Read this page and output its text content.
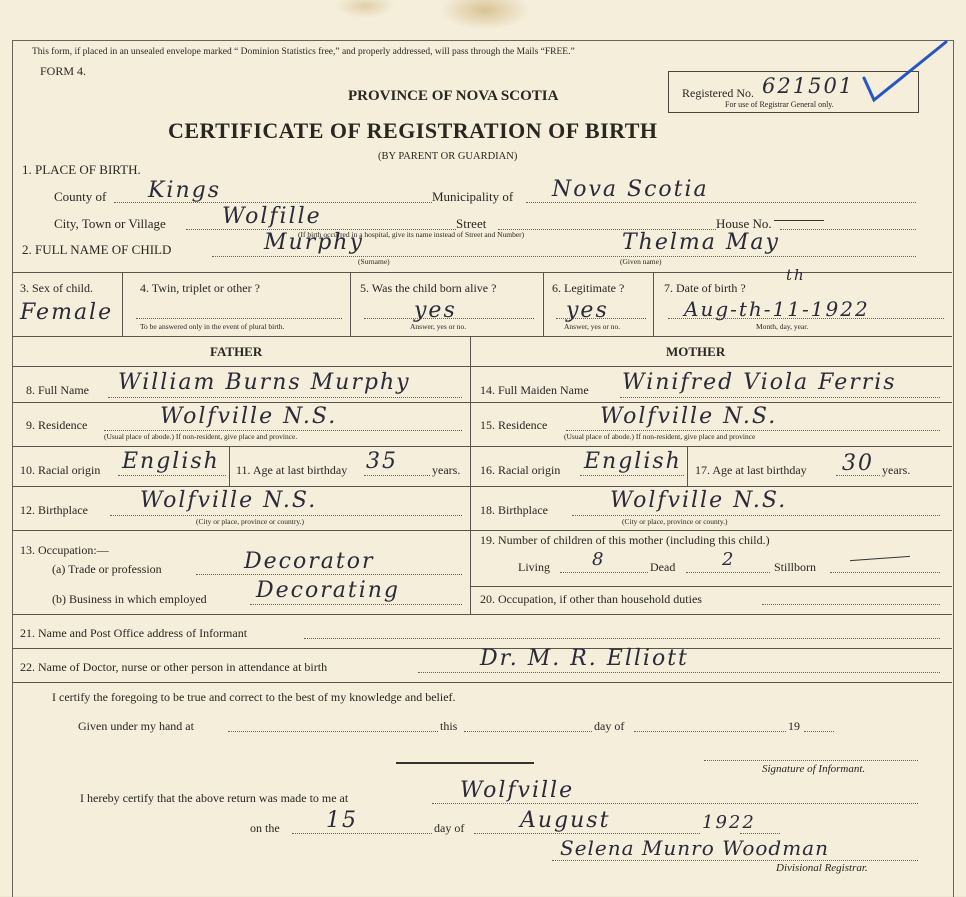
This form, if placed in an unsealed envelope marked “ Dominion Statistics free,” and properly addressed, will pass through the Mails “FREE.”
FORM 4.
PROVINCE OF NOVA SCOTIA
CERTIFICATE OF REGISTRATION OF BIRTH
(BY PARENT OR GUARDIAN)
Registered No. 621501
For use of Registrar General only.
1. PLACE OF BIRTH.
County of Kings	Municipality of Nova Scotia
City, Town or Village	Wolfille	Street	House No.
(If birth occurred in a hospital, give its name instead of Street and Number)
2. FULL NAME OF CHILD	Murphy
(Surname)
Thelma May
(Given name)
3. Sex of child.
Female
4. Twin, triplet or other ?
To be answered only in the event of plural birth.
5. Was the child born alive ?
yes
Answer, yes or no.
6. Legitimate ?
yes
Answer, yes or no.
7. Date of birth ?
th
Aug-th-11-1922
Month, day, year.
FATHER	MOTHER
8. Full Name William Burns Murphy
9. Residence	Wolfville N.S.
(Usual place of abode.) If non-resident, give place and province.
10. Racial origin English 11. Age at last birthday 35	years.
12. Birthplace Wolfville N.S.
(City or place, province or country.)
13. Occupation:—
(a) Trade or profession	Decorator
(b) Business in which employed Decorating
14. Full Maiden Name Winifred Viola Ferris
15. Residence Wolfville N.S.
(Usual place of abode.) If non-resident, give place and province
16. Racial origin English 17. Age at last birthday 30 years.
18. Birthplace	Wolfville N.S.
(City or place, province or county.)
19. Number of children of this mother (including this child.)
Living 8	Dead	2	Stillborn
20. Occupation, if other than household duties
21. Name and Post Office address of Informant
22. Name of Doctor, nurse or other person in attendance at birth	Dr. M. R. Elliott
I certify the foregoing to be true and correct to the best of my knowledge and belief.
Given under my hand at	this	day of	19
Signature of Informant.
I hereby certify that the above return was made to me at	Wolfville
on the 15	day of	August	1922
Selena Munro Woodman
Divisional Registrar.
